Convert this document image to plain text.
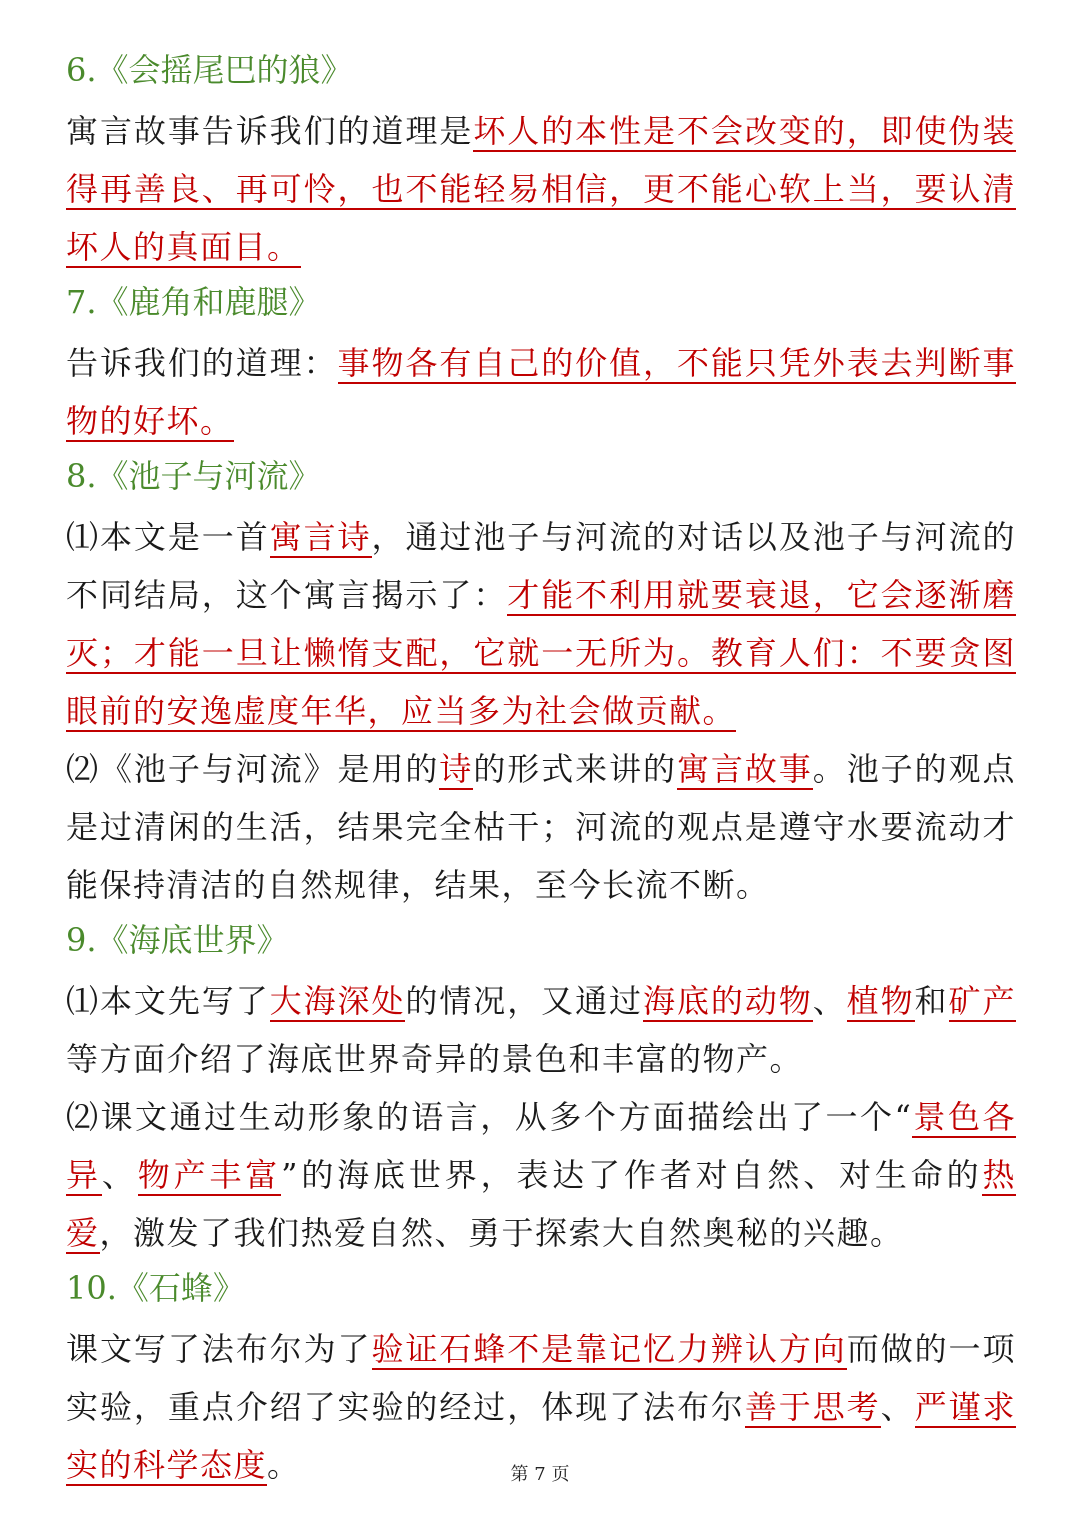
6.《会摇尾巴的狼》
寓言故事告诉我们的道理是坏人的本性是不会改变的，即使伪装得再善良、再可怜，也不能轻易相信，更不能心软上当，要认清坏人的真面目。
7.《鹿角和鹿腿》
告诉我们的道理：事物各有自己的价值，不能只凭外表去判断事物的好坏。
8.《池子与河流》
⑴本文是一首寓言诗，通过池子与河流的对话以及池子与河流的不同结局，这个寓言揭示了：才能不利用就要衰退，它会逐渐磨灭；才能一旦让懒惰支配，它就一无所为。教育人们：不要贪图眼前的安逸虚度年华，应当多为社会做贡献。
⑵《池子与河流》是用的诗的形式来讲的寓言故事。池子的观点是过清闲的生活，结果完全枯干；河流的观点是遵守水要流动才能保持清洁的自然规律，结果，至今长流不断。
9.《海底世界》
⑴本文先写了大海深处的情况，又通过海底的动物、植物和矿产等方面介绍了海底世界奇异的景色和丰富的物产。
⑵课文通过生动形象的语言，从多个方面描绘出了一个“景色各异、物产丰富”的海底世界，表达了作者对自然、对生命的热爱，激发了我们热爱自然、勇于探索大自然奥秘的兴趣。
10.《石蜂》
课文写了法布尔为了验证石蜂不是靠记忆力辨认方向而做的一项实验，重点介绍了实验的经过，体现了法布尔善于思考、严谨求实的科学态度。	第 7 页
